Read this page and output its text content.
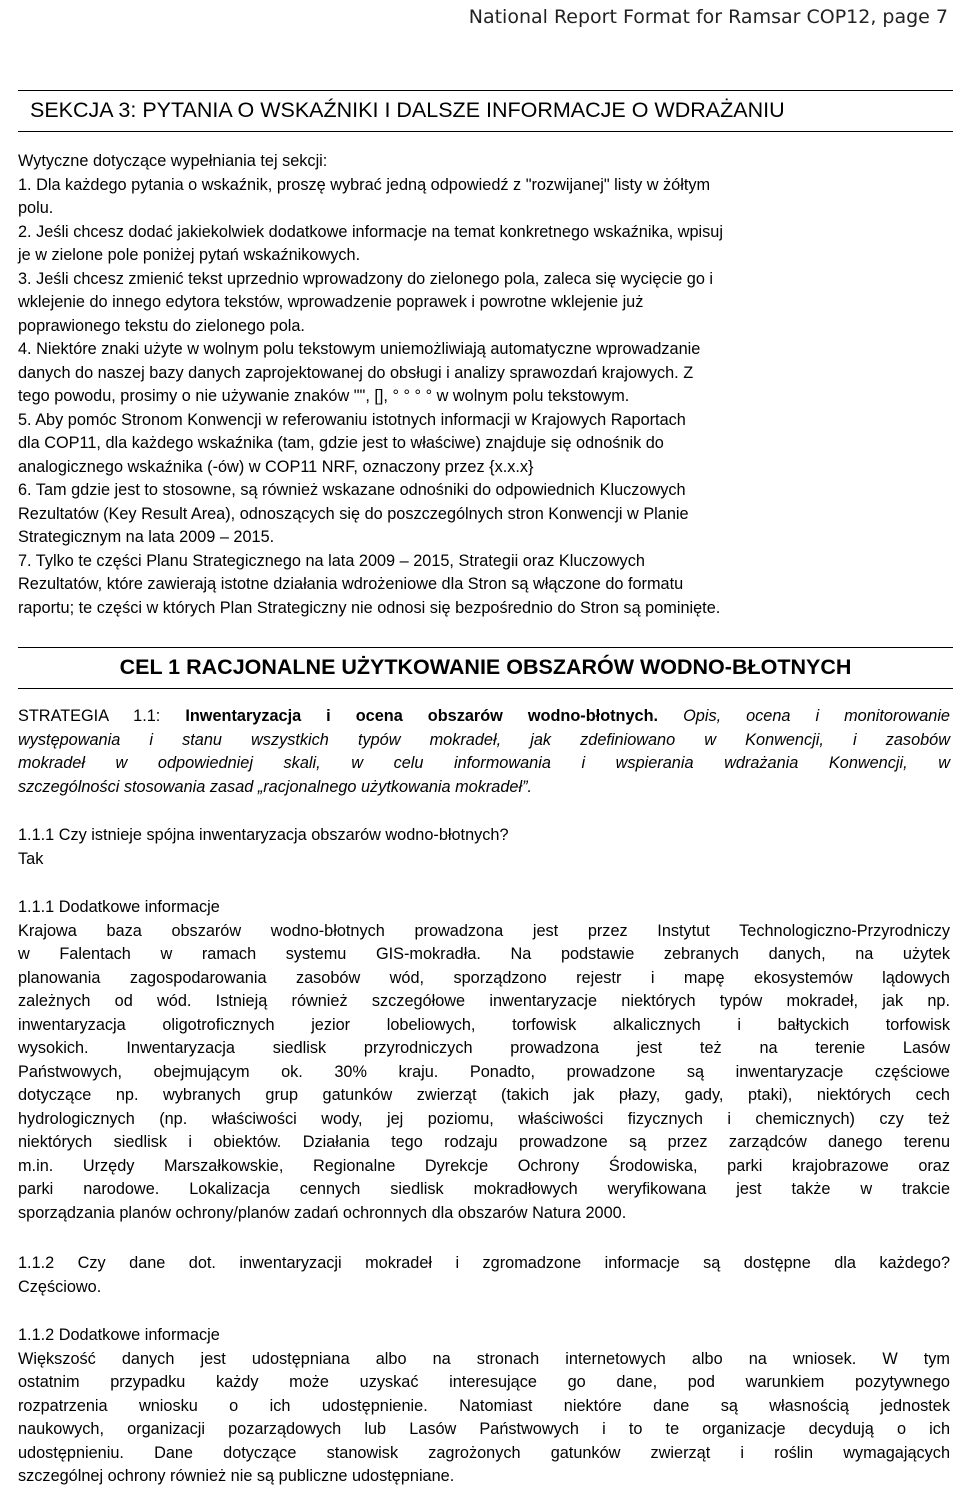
National Report Format for Ramsar COP12, page 7
SEKCJA 3: PYTANIA O WSKAŹNIKI I DALSZE INFORMACJE O WDRAŻANIU
Wytyczne dotyczące wypełniania tej sekcji:
1. Dla każdego pytania o wskaźnik, proszę wybrać jedną odpowiedź z "rozwijanej" listy w żółtym
polu.
2. Jeśli chcesz dodać jakiekolwiek dodatkowe informacje na temat konkretnego wskaźnika, wpisuj
je w zielone pole poniżej pytań wskaźnikowych.
3. Jeśli chcesz zmienić tekst uprzednio wprowadzony do zielonego pola, zaleca się wycięcie go i
wklejenie do innego edytora tekstów, wprowadzenie poprawek i powrotne wklejenie już
poprawionego tekstu do zielonego pola.
4. Niektóre znaki użyte w wolnym polu tekstowym uniemożliwiają automatyczne wprowadzanie
danych do naszej bazy danych zaprojektowanej do obsługi i analizy sprawozdań krajowych. Z
tego powodu, prosimy o nie używanie znaków "", [], ° ° ° ° w wolnym polu tekstowym.
5. Aby pomóc Stronom Konwencji w referowaniu istotnych informacji w Krajowych Raportach
dla COP11, dla każdego wskaźnika (tam, gdzie jest to właściwe) znajduje się odnośnik do
analogicznego wskaźnika (-ów) w COP11 NRF, oznaczony przez {x.x.x}
6. Tam gdzie jest to stosowne, są również wskazane odnośniki do odpowiednich Kluczowych
Rezultatów (Key Result Area), odnoszących się do poszczególnych stron Konwencji w Planie
Strategicznym na lata 2009 – 2015.
7. Tylko te części Planu Strategicznego na lata 2009 – 2015, Strategii oraz Kluczowych
Rezultatów, które zawierają istotne działania wdrożeniowe dla Stron są włączone do formatu
raportu; te części w których Plan Strategiczny nie odnosi się bezpośrednio do Stron są pominięte.
CEL 1 RACJONALNE UŻYTKOWANIE OBSZARÓW WODNO-BŁOTNYCH
STRATEGIA 1.1: Inwentaryzacja i ocena obszarów wodno-błotnych. Opis, ocena i monitorowanie
występowania i stanu wszystkich typów mokradeł, jak zdefiniowano w Konwencji, i zasobów
mokradeł w odpowiedniej skali, w celu informowania i wspierania wdrażania Konwencji, w
szczególności stosowania zasad „racjonalnego użytkowania mokradeł”.
1.1.1 Czy istnieje spójna inwentaryzacja obszarów wodno-błotnych?
Tak
1.1.1 Dodatkowe informacje
Krajowa baza obszarów wodno-błotnych prowadzona jest przez Instytut Technologiczno-Przyrodniczy
w Falentach w ramach systemu GIS-mokradła. Na podstawie zebranych danych, na użytek
planowania zagospodarowania zasobów wód, sporządzono rejestr i mapę ekosystemów lądowych
zależnych od wód. Istnieją również szczegółowe inwentaryzacje niektórych typów mokradeł, jak np.
inwentaryzacja oligotroficznych jezior lobeliowych, torfowisk alkalicznych i bałtyckich torfowisk
wysokich. Inwentaryzacja siedlisk przyrodniczych prowadzona jest też na terenie Lasów
Państwowych, obejmującym ok. 30% kraju. Ponadto, prowadzone są inwentaryzacje częściowe
dotyczące np. wybranych grup gatunków zwierząt (takich jak płazy, gady, ptaki), niektórych cech
hydrologicznych (np. właściwości wody, jej poziomu, właściwości fizycznych i chemicznych) czy też
niektórych siedlisk i obiektów. Działania tego rodzaju prowadzone są przez zarządców danego terenu
m.in. Urzędy Marszałkowskie, Regionalne Dyrekcje Ochrony Środowiska, parki krajobrazowe oraz
parki narodowe. Lokalizacja cennych siedlisk mokradłowych weryfikowana jest także w trakcie
sporządzania planów ochrony/planów zadań ochronnych dla obszarów Natura 2000.
1.1.2 Czy dane dot. inwentaryzacji mokradeł i zgromadzone informacje są dostępne dla każdego?
Częściowo.
1.1.2 Dodatkowe informacje
Większość danych jest udostępniana albo na stronach internetowych albo na wniosek. W tym
ostatnim przypadku każdy może uzyskać interesujące go dane, pod warunkiem pozytywnego
rozpatrzenia wniosku o ich udostępnienie. Natomiast niektóre dane są własnością jednostek
naukowych, organizacji pozarządowych lub Lasów Państwowych i to te organizacje decydują o ich
udostępnieniu. Dane dotyczące stanowisk zagrożonych gatunków zwierząt i roślin wymagających
szczególnej ochrony również nie są publiczne udostępniane.
